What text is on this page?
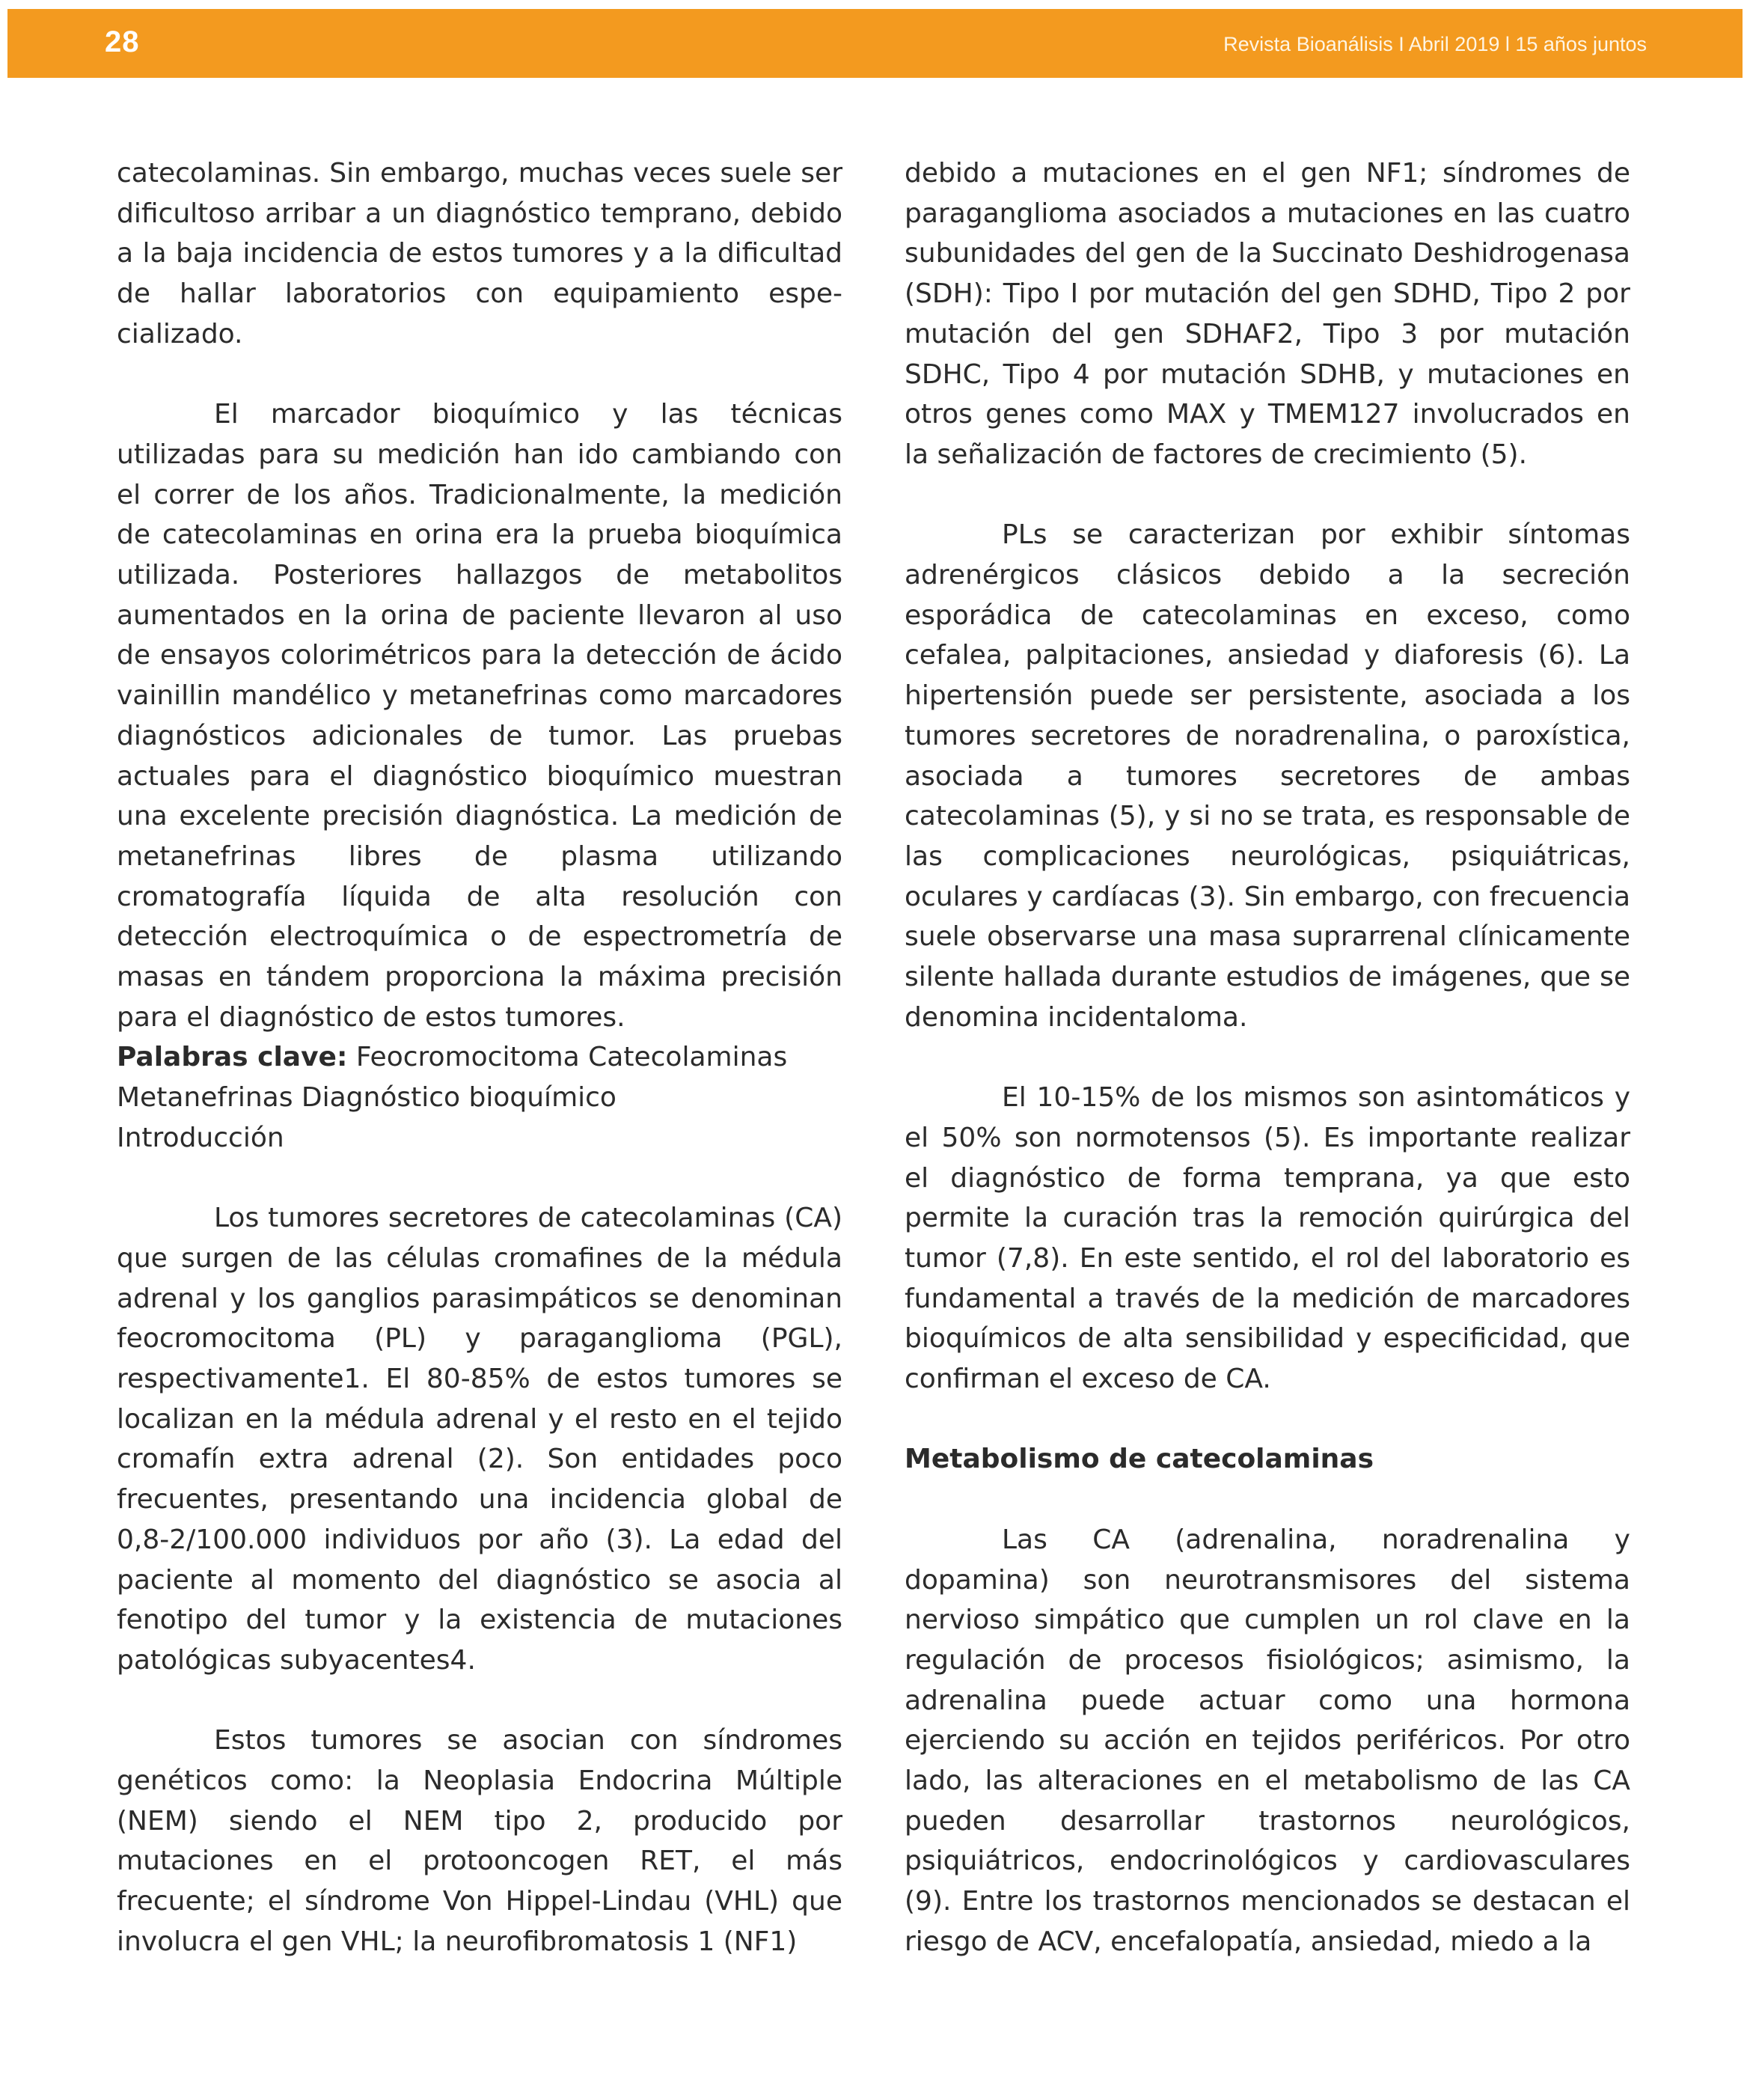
28	Revista Bioanálisis I Abril 2019 l 15 años juntos

catecolaminas. Sin embargo, muchas veces suele ser dificultoso arribar a un diagnóstico temprano, debido a la baja incidencia de estos tumores y a la dificultad de hallar laboratorios con equipamiento espe-cializado.

El marcador bioquímico y las técnicas utilizadas para su medición han ido cambiando con el correr de los años. Tradicionalmente, la medición de catecolaminas en orina era la prueba bioquímica utilizada. Posteriores hallazgos de metabolitos aumentados en la orina de paciente llevaron al uso de ensayos colorimétricos para la detección de ácido vainillin mandélico y metanefrinas como marcadores diagnósticos adicionales de tumor. Las pruebas actuales para el diagnóstico bioquímico muestran una excelente precisión diagnóstica. La medición de metanefrinas libres de plasma utilizando cromatografía líquida de alta resolución con detección electroquímica o de espectrometría de masas en tándem proporciona la máxima precisión para el diagnóstico de estos tumores.

Palabras clave: Feocromocitoma Catecolaminas Metanefrinas Diagnóstico bioquímico
Introducción

Los tumores secretores de catecolaminas (CA) que surgen de las células cromafines de la médula adrenal y los ganglios parasimpáticos se denominan feocromocitoma (PL) y paraganglioma (PGL), respectivamente1. El 80-85% de estos tumores se localizan en la médula adrenal y el resto en el tejido cromafín extra adrenal (2). Son entidades poco frecuentes, presentando una incidencia global de 0,8-2/100.000 individuos por año (3). La edad del paciente al momento del diagnóstico se asocia al fenotipo del tumor y la existencia de mutaciones patológicas subyacentes4.

Estos tumores se asocian con síndromes genéticos como: la Neoplasia Endocrina Múltiple (NEM) siendo el NEM tipo 2, producido por mutaciones en el protooncogen RET, el más frecuente; el síndrome Von Hippel-Lindau (VHL) que involucra el gen VHL; la neurofibromatosis 1 (NF1)

debido a mutaciones en el gen NF1; síndromes de paraganglioma asociados a mutaciones en las cuatro subunidades del gen de la Succinato Deshidrogenasa (SDH): Tipo I por mutación del gen SDHD, Tipo 2 por mutación del gen SDHAF2, Tipo 3 por mutación SDHC, Tipo 4 por mutación SDHB, y mutaciones en otros genes como MAX y TMEM127 involucrados en la señalización de factores de crecimiento (5).

PLs se caracterizan por exhibir síntomas adrenérgicos clásicos debido a la secreción esporádica de catecolaminas en exceso, como cefalea, palpitaciones, ansiedad y diaforesis (6). La hipertensión puede ser persistente, asociada a los tumores secretores de noradrenalina, o paroxística, asociada a tumores secretores de ambas catecolaminas (5), y si no se trata, es responsable de las complicaciones neurológicas, psiquiátricas, oculares y cardíacas (3). Sin embargo, con frecuencia suele observarse una masa suprarrenal clínicamente silente hallada durante estudios de imágenes, que se denomina incidentaloma.

El 10-15% de los mismos son asintomáticos y el 50% son normotensos (5). Es importante realizar el diagnóstico de forma temprana, ya que esto permite la curación tras la remoción quirúrgica del tumor (7,8). En este sentido, el rol del laboratorio es fundamental a través de la medición de marcadores bioquímicos de alta sensibilidad y especificidad, que confirman el exceso de CA.

Metabolismo de catecolaminas

Las CA (adrenalina, noradrenalina y dopamina) son neurotransmisores del sistema nervioso simpático que cumplen un rol clave en la regulación de procesos fisiológicos; asimismo, la adrenalina puede actuar como una hormona ejerciendo su acción en tejidos periféricos. Por otro lado, las alteraciones en el metabolismo de las CA pueden desarrollar trastornos neurológicos, psiquiátricos, endocrinológicos y cardiovasculares (9). Entre los trastornos mencionados se destacan el riesgo de ACV, encefalopatía, ansiedad, miedo a la
